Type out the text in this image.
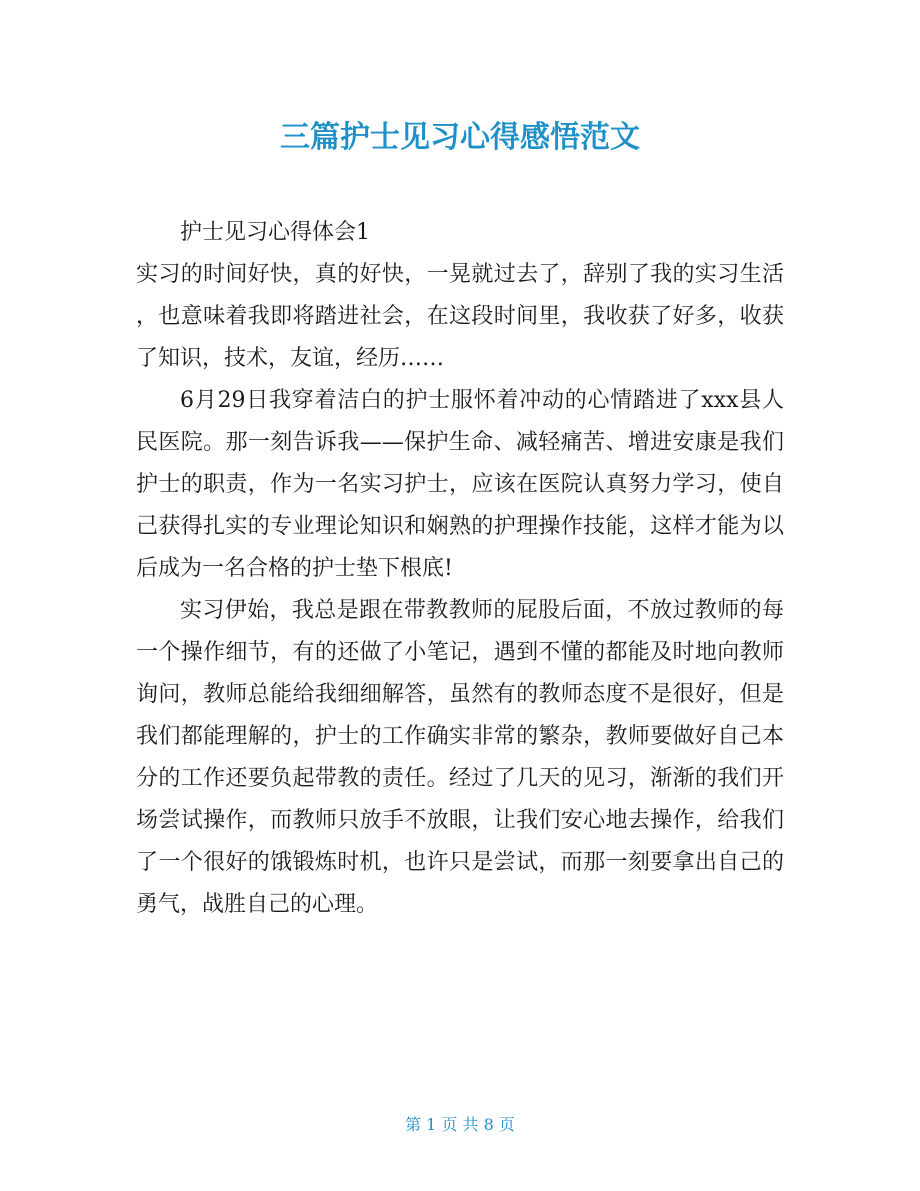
三篇护士见习心得感悟范文

护士见习心得体会1

实习的时间好快，真的好快，一晃就过去了，辞别了我的实习生活，也意味着我即将踏进社会，在这段时间里，我收获了好多，收获了知识，技术，友谊，经历……

6月29日我穿着洁白的护士服怀着冲动的心情踏进了xxx县人民医院。那一刻告诉我——保护生命、减轻痛苦、增进安康是我们护士的职责，作为一名实习护士，应该在医院认真努力学习，使自己获得扎实的专业理论知识和娴熟的护理操作技能，这样才能为以后成为一名合格的护士垫下根底!

实习伊始，我总是跟在带教教师的屁股后面，不放过教师的每一个操作细节，有的还做了小笔记，遇到不懂的都能及时地向教师询问，教师总能给我细细解答，虽然有的教师态度不是很好，但是我们都能理解的，护士的工作确实非常的繁杂，教师要做好自己本分的工作还要负起带教的责任。经过了几天的见习，渐渐的我们开场尝试操作，而教师只放手不放眼，让我们安心地去操作，给我们了一个很好的饿锻炼时机，也许只是尝试，而那一刻要拿出自己的勇气，战胜自己的心理。

第 1 页 共 8 页
